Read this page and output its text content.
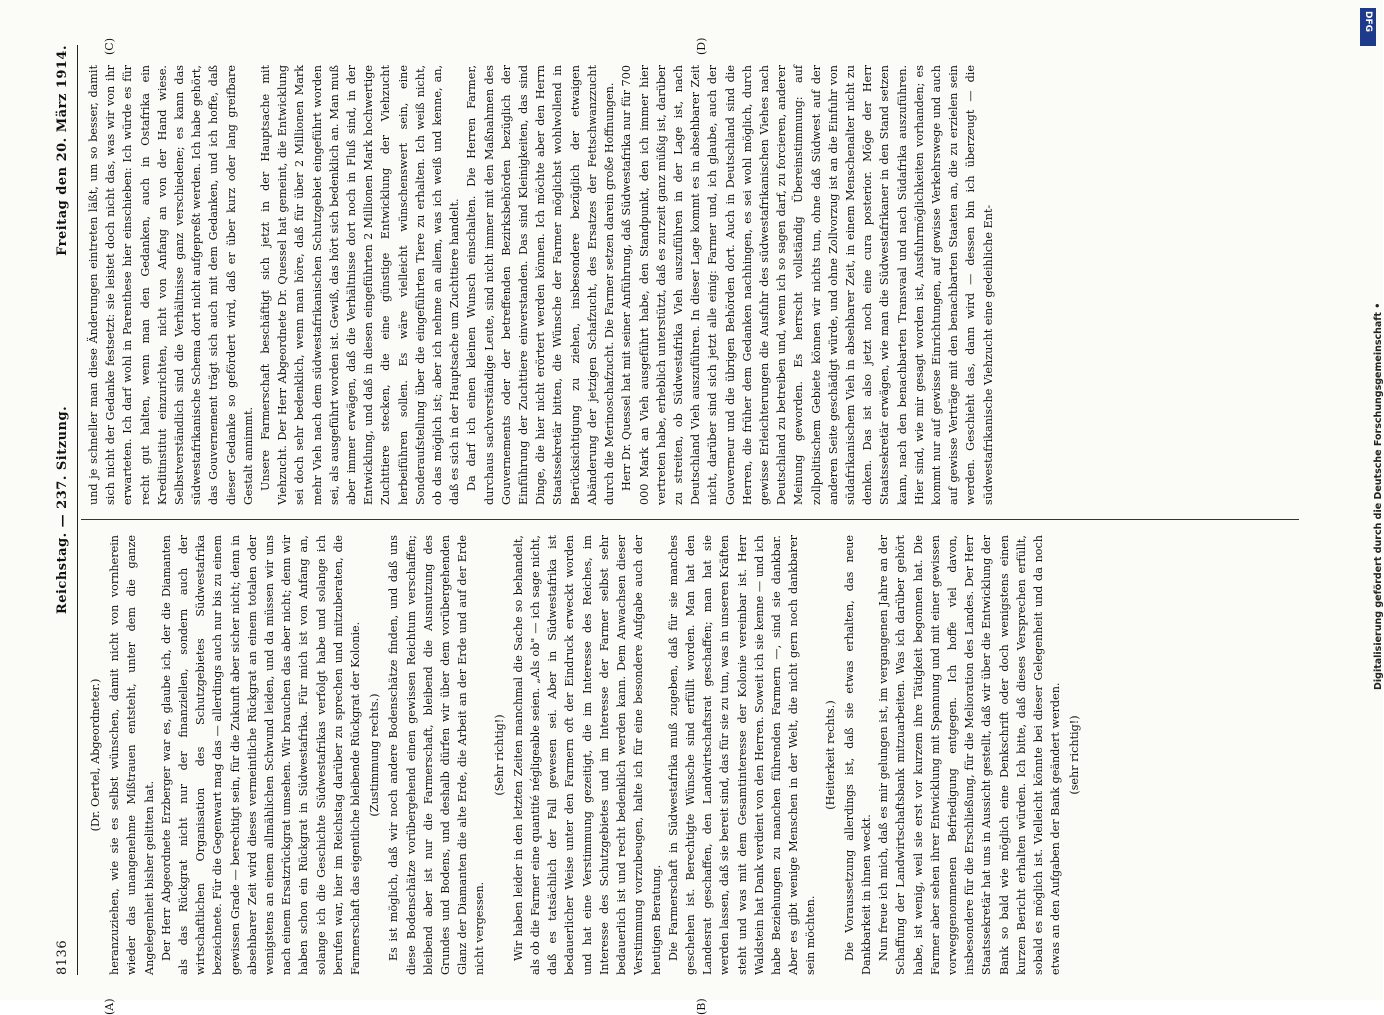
8136
Reichstag. — 237. Sitzung.
Freitag den 20. März 1914.
(A)	(B)
(C)	(D)

(Dr. Oertel, Abgeordneter.) heranzuziehen, wie sie es selbst wünschen, damit nicht von vornherein wieder das unangenehme Mißtrauen entsteht, unter dem die ganze Angelegenheit bisher gelitten hat. Der Herr Abgeordnete Erzberger war es, glaube ich, der die Diamanten als das Rückgrat nicht nur der finanziellen, sondern auch der wirtschaftlichen Organisation des Schutzgebietes Südwestafrika bezeichnete. Für die Gegenwart mag das — allerdings auch nur bis zu einem gewissen Grade — berechtigt sein, für die Zukunft aber sicher nicht; denn in absehbarer Zeit wird dieses vermeintliche Rückgrat an einem totalen oder wenigstens an einem allmählichen Schwund leiden, und da müssen wir uns nach einem Ersatzrückgrat umsehen. Wir brauchen das aber nicht; denn wir haben schon ein Rückgrat in Südwestafrika. Für mich ist von Anfang an, solange ich die Geschichte Südwestafrikas verfolgt habe und solange ich berufen war, hier im Reichstag darüber zu sprechen und mitzuberaten, die Farmerschaft das eigentliche bleibende Rückgrat der Kolonie. (Zustimmung rechts.) Es ist möglich, daß wir noch andere Bodenschätze finden, und daß uns diese Bodenschätze vorübergehend einen gewissen Reichtum verschaffen; bleibend aber ist nur die Farmerschaft, bleibend die Ausnutzung des Grundes und Bodens, und deshalb dürfen wir über dem vorübergehenden Glanz der Diamanten die alte Erde, die Arbeit an der Erde und auf der Erde nicht vergessen.

(Sehr richtig!) Wir haben leider in den letzten Zeiten manchmal die Sache so behandelt, als ob die Farmer eine quantité négligeable seien. „Als ob" — ich sage nicht, daß es tatsächlich der Fall gewesen sei. Aber in Südwestafrika ist bedauerlicher Weise unter den Farmern oft der Eindruck erweckt worden und hat eine Verstimmung gezeitigt, die im Interesse des Reiches, im Interesse des Schutzgebietes und im Interesse der Farmer selbst sehr bedauerlich ist und recht bedenklich werden kann. Dem Anwachsen dieser Verstimmung vorzubeugen, halte ich für eine besondere Aufgabe auch der heutigen Beratung. Die Farmerschaft in Südwestafrika muß zugeben, daß für sie manches geschehen ist. Berechtigte Wünsche sind erfüllt worden. Man hat den Landesrat geschaffen, den Landwirtschaftsrat geschaffen; man hat sie werden lassen, daß sie bereit sind, das für sie zu tun, was in unseren Kräften steht und was mit dem Gesamtinteresse der Kolonie vereinbar ist. Herr Waldstein hat Dank verdient von den Herren. Soweit ich sie kenne — und ich habe Beziehungen zu manchen führenden Farmern —, sind sie dankbar. Aber es gibt wenige Menschen in der Welt, die nicht gern noch dankbarer sein möchten.

(Heiterkeit rechts.) Die Voraussetzung allerdings ist, daß sie etwas erhalten, das neue Dankbarkeit in ihnen weckt. Nun freue ich mich, daß es mir gelungen ist, im vergangenen Jahre an der Schaffung der Landwirtschaftsbank mitzuarbeiten. Was ich darüber gehört habe, ist wenig, weil sie erst vor kurzem ihre Tätigkeit begonnen hat. Die Farmer aber sehen ihrer Entwicklung mit Spannung und mit einer gewissen vorweggenommenen Befriedigung entgegen. Ich hoffe viel davon, insbesondere für die Erschließung, für die Melioration des Landes. Der Herr Staatssekretär hat uns in Aussicht gestellt, daß wir über die Entwicklung der Bank so bald wie möglich eine Denkschrift oder doch wenigstens einen kurzen Bericht erhalten würden. Ich bitte, daß dieses Versprechen erfüllt, sobald es möglich ist. Vielleicht könnte bei dieser Gelegenheit und da noch etwas an den Aufgaben der Bank geändert werden. (sehr richtig!)

und je schneller man diese Änderungen eintreten läßt, um so besser, damit sich nicht der Gedanke festsetzt: sie leistet doch nicht das, was wir von ihr erwarteten. Ich darf wohl in Parenthese hier einschieben: Ich würde es für recht gut halten, wenn man den Gedanken, auch in Ostafrika ein Kreditinstitut einzurichten, nicht von Anfang an von der Hand wiese. Selbstverständlich sind die Verhältnisse ganz verschiedene; es kann das südwestafrikanische Schema dort nicht aufgepreßt werden. Ich habe gehört, das Gouvernement trägt sich auch mit dem Gedanken, und ich hoffe, daß dieser Gedanke so gefördert wird, daß er über kurz oder lang greifbare Gestalt annimmt. Unsere Farmerschaft beschäftigt sich jetzt in der Hauptsache mit Viehzucht. Der Herr Abgeordnete Dr. Quessel hat gemeint, die Entwicklung sei doch sehr bedenklich, wenn man höre, daß für über 2 Millionen Mark mehr Vieh nach dem südwestafrikanischen Schutzgebiet eingeführt worden sei, als ausgeführt worden ist. Gewiß, das hört sich bedenklich an. Man muß aber immer erwägen, daß die Verhältnisse dort noch in Fluß sind, in der Entwicklung, und daß in diesen eingeführten 2 Millionen Mark hochwertige Zuchttiere stecken, die eine günstige Entwicklung der Viehzucht herbeiführen sollen. Es wäre vielleicht wünschenswert sein, eine Sonderaufstellung über die eingeführten Tiere zu erhalten. Ich weiß nicht, ob das möglich ist; aber ich nehme an allem, was ich weiß und kenne, an, daß es sich in der Hauptsache um Zuchttiere handelt. Da darf ich einen kleinen Wunsch einschalten. Die Herren Farmer, durchaus sachverständige Leute, sind nicht immer mit den Maßnahmen des Gouvernements oder der betreffenden Bezirksbehörden bezüglich der Einführung der Zuchttiere einverstanden. Das sind Kleinigkeiten, das sind Dinge, die hier nicht erörtert werden können. Ich möchte aber den Herrn Staatssekretär bitten, die Wünsche der Farmer möglichst wohlwollend in Berücksichtigung zu ziehen, insbesondere bezüglich der etwaigen Abänderung der jetzigen Schafzucht, des Ersatzes der Fettschwanzzucht durch die Merinoschafzucht. Die Farmer setzen darein große Hoffnungen. Herr Dr. Quessel hat mit seiner Anführung, daß Südwestafrika nur für 700 000 Mark an Vieh ausgeführt habe, den Standpunkt, den ich immer hier vertreten habe, erheblich unterstützt, daß es zurzeit ganz müßig ist, darüber zu streiten, ob Südwestafrika Vieh auszuführen in der Lage ist, nach Deutschland Vieh auszuführen. In dieser Lage kommt es in absehbarer Zeit nicht, darüber sind sich jetzt alle einig: Farmer und, ich glaube, auch der Gouverneur und die übrigen Behörden dort. Auch in Deutschland sind die Herren, die früher dem Gedanken nachhingen, es sei wohl möglich, durch gewisse Erleichterungen die Ausfuhr des südwestafrikanischen Viehes nach Deutschland zu betreiben und, wenn ich so sagen darf, zu forcieren, anderer Meinung geworden. Es herrscht vollständig Übereinstimmung: auf zollpolitischem Gebiete können wir nichts tun, ohne daß Südwest auf der anderen Seite geschädigt würde, und ohne Zollvorzug ist an die Einfuhr von südafrikanischem Vieh in absehbarer Zeit, in einem Menschenalter nicht zu denken. Das ist also jetzt noch eine cura posterior. Möge der Herr Staatssekretär erwägen, wie man die Südwestafrikaner in den Stand setzen kann, nach den benachbarten Transvaal und nach Südafrika auszuführen. Hier sind, wie mir gesagt worden ist, Ausfuhrmöglichkeiten vorhanden; es kommt nur auf gewisse Einrichtungen, auf gewisse Verkehrswege und auch auf gewisse Verträge mit den benachbarten Staaten an, die zu erzielen sein werden. Geschieht das, dann wird — dessen bin ich überzeugt — die südwestafrikanische Viehzucht eine gedeihliche Ent-

DFG
Digitalisierung gefördert durch die Deutsche Forschungsgemeinschaft •
